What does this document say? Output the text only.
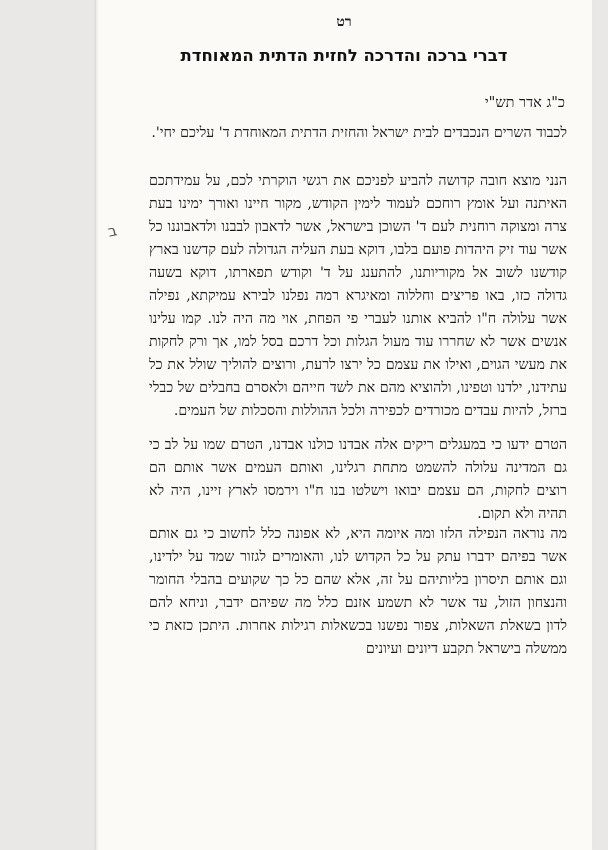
רט
דברי ברכה והדרכה לחזית הדתית המאוחדת
כ"ג אדר תש"י
לכבוד השרים הנכבדים לבית ישראל והחזית הדתית המאוחדת ד' עליכם יחי'.
הנני מוצא חובה קדושה להביע לפניכם את רגשי הוקרתי לכם, על עמידתכם האיתנה ועל אומץ רוחכם לעמוד לימין הקודש, מקור חיינו ואורך ימינו בעת צרה ומצוקה רוחנית לעם ד' השוכן בישראל, אשר לדאבון לבבנו ולדאבוננו כל אשר עוד זיק היהדות פועם בלבו, דוקא בעת העליה הגדולה לעם קדשנו בארץ קודשנו לשוב אל מקוריותנו, להתענג על ד' וקודש תפארתו, דוקא בשעה גדולה כזו, באו פריצים וחללוה ומאיגרא רמה נפלנו לבירא עמיקתא, נפילה אשר עלולה ח"ו להביא אותנו לעברי פי הפחת, אוי מה היה לנו. קמו עלינו אנשים אשר לא שחררו עוד מעול הגלות וכל דרכם בסל למו, אך ורק לחקות את מעשי הגוים, ואילו את עצמם כל ירצו לרעת, ורוצים להוליך שולל את כל עתידנו, ילדנו וטפינו, ולהוציא מהם את לשד חייהם ולאסרם בחבלים של כבלי ברזל, להיות עבדים מכורדים לכפירה ולכל ההוללות והסכלות של העמים.
הטרם ידעו כי במעגלים ריקים אלה אבדנו כולנו אבדנו, הטרם שמו על לב כי גם המדינה עלולה להשמט מתחת רגלינו, ואותם העמים אשר אותם הם רוצים לחקות, הם עצמם יבואו וישלטו בנו ח"ו וירמסו לארץ זיינו, היה לא תהיה ולא תקום.
מה נוראה הנפילה הלזו ומה איומה היא, לא אפונה כלל לחשוב כי גם אותם אשר בפיהם ידברו עתק על כל הקדוש לנו, והאומרים לגזור שמד על ילדינו, וגם אותם תיסרון בליותיהם על זה, אלא שהם כל כך שקועים בהבלי החומר והנצחון הזול, עד אשר לא תשמע אזנם כלל מה שפיהם ידבר, וניחא להם לדון בשאלת השאלות, צפור נפשנו בכשאלות רגילות אחרות. היתכן כזאת כי ממשלה בישראל תקבע דיונים ועיונים
ב
